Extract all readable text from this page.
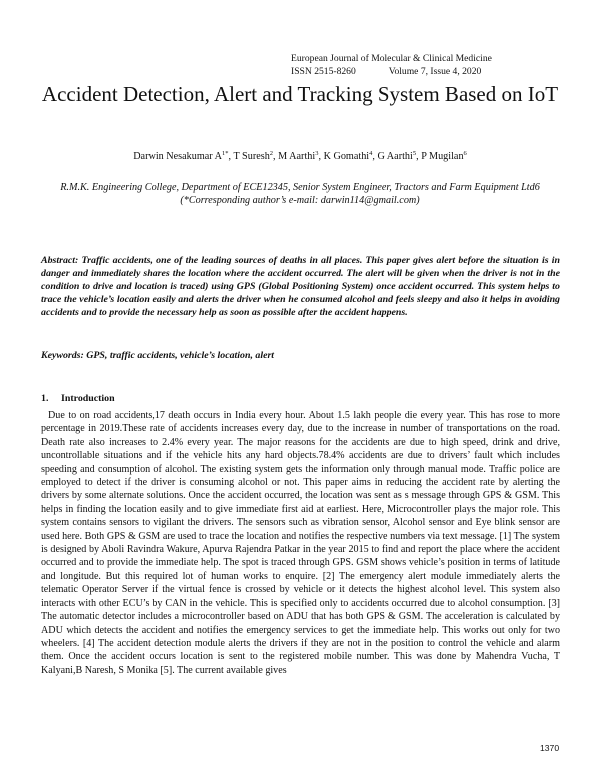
European Journal of Molecular & Clinical Medicine
ISSN 2515-8260	Volume 7, Issue 4, 2020
Accident Detection, Alert and Tracking System Based on IoT
Darwin Nesakumar $A^{1*}$, T Suresh$^2$, M Aarthi$^3$, K Gomathi$^4$, G Aarthi$^5$, P Mugilan$^6$
R.M.K. Engineering College, Department of ECE12345, Senior System Engineer, Tractors and Farm Equipment Ltd6
(*Corresponding author’s e-mail: darwin114@gmail.com)
Abstract: Traffic accidents, one of the leading sources of deaths in all places. This paper gives alert before the situation is in danger and immediately shares the location where the accident occurred. The alert will be given when the driver is not in the condition to drive and location is traced) using GPS (Global Positioning System) once accident occurred. This system helps to trace the vehicle’s location easily and alerts the driver when he consumed alcohol and feels sleepy and also it helps in avoiding accidents and to provide the necessary help as soon as possible after the accident happens.
Keywords: GPS, traffic accidents, vehicle’s location, alert
1. Introduction
Due to on road accidents,17 death occurs in India every hour. About 1.5 lakh people die every year. This has rose to more percentage in 2019.These rate of accidents increases every day, due to the increase in number of transportations on the road. Death rate also increases to 2.4% every year. The major reasons for the accidents are due to high speed, drink and drive, uncontrollable situations and if the vehicle hits any hard objects.78.4% accidents are due to drivers’ fault which includes speeding and consumption of alcohol. The existing system gets the information only through manual mode. Traffic police are employed to detect if the driver is consuming alcohol or not. This paper aims in reducing the accident rate by alerting the drivers by some alternate solutions. Once the accident occurred, the location was sent as s message through GPS & GSM. This helps in finding the location easily and to give immediate first aid at earliest. Here, Microcontroller plays the major role. This system contains sensors to vigilant the drivers. The sensors such as vibration sensor, Alcohol sensor and Eye blink sensor are used here. Both GPS & GSM are used to trace the location and notifies the respective numbers via text message. [1] The system is designed by Aboli Ravindra Wakure, Apurva Rajendra Patkar in the year 2015 to find and report the place where the accident occurred and to provide the immediate help. The spot is traced through GPS. GSM shows vehicle’s position in terms of latitude and longitude. But this required lot of human works to enquire. [2] The emergency alert module immediately alerts the telematic Operator Server if the virtual fence is crossed by vehicle or it detects the highest alcohol level. This system also interacts with other ECU’s by CAN in the vehicle. This is specified only to accidents occurred due to alcohol consumption. [3] The automatic detector includes a microcontroller based on ADU that has both GPS & GSM. The acceleration is calculated by ADU which detects the accident and notifies the emergency services to get the immediate help. This works out only for two wheelers. [4] The accident detection module alerts the drivers if they are not in the position to control the vehicle and alarm them. Once the accident occurs location is sent to the registered mobile number. This was done by Mahendra Vucha, T Kalyani,B Naresh, S Monika [5]. The current available gives
1370
